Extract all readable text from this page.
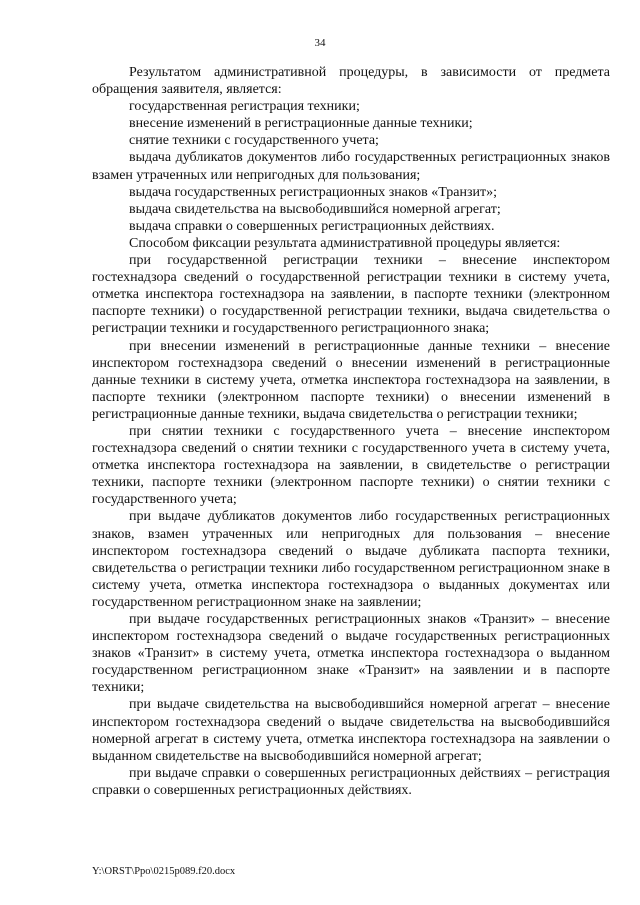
34

Результатом административной процедуры, в зависимости от предмета обращения заявителя, является:

государственная регистрация техники;

внесение изменений в регистрационные данные техники;

снятие техники с государственного учета;

выдача дубликатов документов либо государственных регистрационных знаков взамен утраченных или непригодных для пользования;

выдача государственных регистрационных знаков «Транзит»;

выдача свидетельства на высвободившийся номерной агрегат;

выдача справки о совершенных регистрационных действиях.

Способом фиксации результата административной процедуры является:

при государственной регистрации техники – внесение инспектором гостехнадзора сведений о государственной регистрации техники в систему учета, отметка инспектора гостехнадзора на заявлении, в паспорте техники (электронном паспорте техники) о государственной регистрации техники, выдача свидетельства о регистрации техники и государственного регистрационного знака;

при внесении изменений в регистрационные данные техники – внесение инспектором гостехнадзора сведений о внесении изменений в регистрационные данные техники в систему учета, отметка инспектора гостехнадзора на заявлении, в паспорте техники (электронном паспорте техники) о внесении изменений в регистрационные данные техники, выдача свидетельства о регистрации техники;

при снятии техники с государственного учета – внесение инспектором гостехнадзора сведений о снятии техники с государственного учета в систему учета, отметка инспектора гостехнадзора на заявлении, в свидетельстве о регистрации техники, паспорте техники (электронном паспорте техники) о снятии техники с государственного учета;

при выдаче дубликатов документов либо государственных регистрационных знаков, взамен утраченных или непригодных для пользования – внесение инспектором гостехнадзора сведений о выдаче дубликата паспорта техники, свидетельства о регистрации техники либо государственном регистрационном знаке в систему учета, отметка инспектора гостехнадзора о выданных документах или государственном регистрационном знаке на заявлении;

при выдаче государственных регистрационных знаков «Транзит» – внесение инспектором гостехнадзора сведений о выдаче государственных регистрационных знаков «Транзит» в систему учета, отметка инспектора гостехнадзора о выданном государственном регистрационном знаке «Транзит» на заявлении и в паспорте техники;

при выдаче свидетельства на высвободившийся номерной агрегат – внесение инспектором гостехнадзора сведений о выдаче свидетельства на высвободившийся номерной агрегат в систему учета, отметка инспектора гостехнадзора на заявлении о выданном свидетельстве на высвободившийся номерной агрегат;

при выдаче справки о совершенных регистрационных действиях – регистрация справки о совершенных регистрационных действиях.

Y:\ORST\Ppo\0215p089.f20.docx
